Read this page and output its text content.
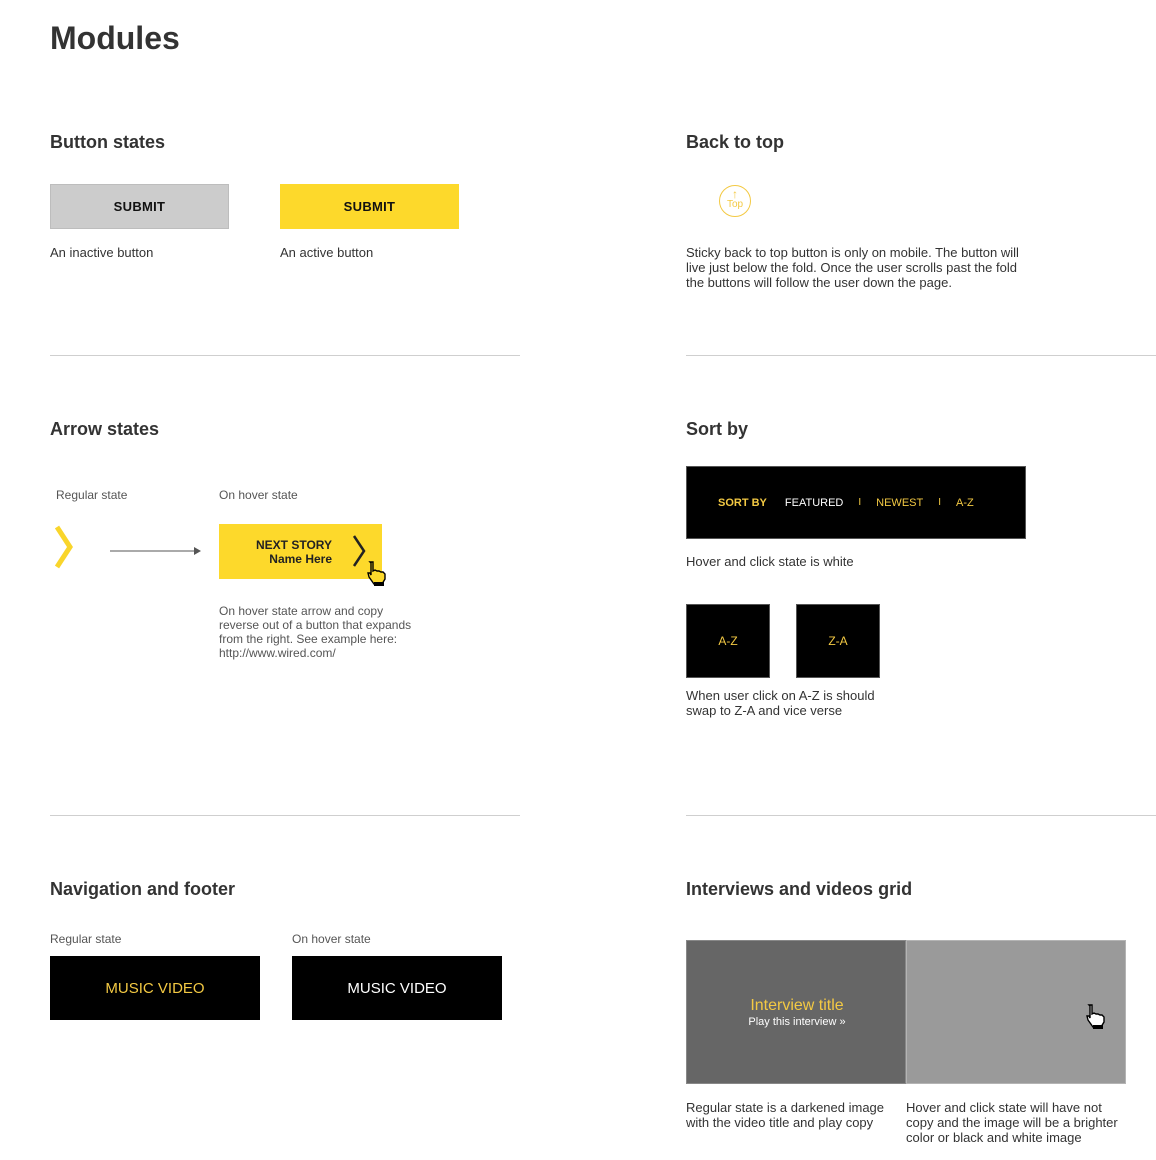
Modules
Button states
SUBMIT	SUBMIT
An inactive button	An active button
Back to top
↑
Top
Sticky back to top button is only on mobile. The button will live just below the fold. Once the user scrolls past the fold the buttons will follow the user down the page.
Arrow states
Regular state	On hover state
NEXT STORY
Name Here
On hover state arrow and copy reverse out of a button that expands from the right. See example here: http://www.wired.com/
Sort by
SORT BY FEATURED I NEWEST I A-Z
Hover and click state is white
A-Z	Z-A
When user click on A-Z is should swap to Z-A and vice verse
Navigation and footer
Regular state	On hover state
MUSIC VIDEO	MUSIC VIDEO
Interviews and videos grid
Interview title
Play this interview »
Regular state is a darkened image with the video title and play copy
Hover and click state will have not copy and the image will be a brighter color or black and white image
